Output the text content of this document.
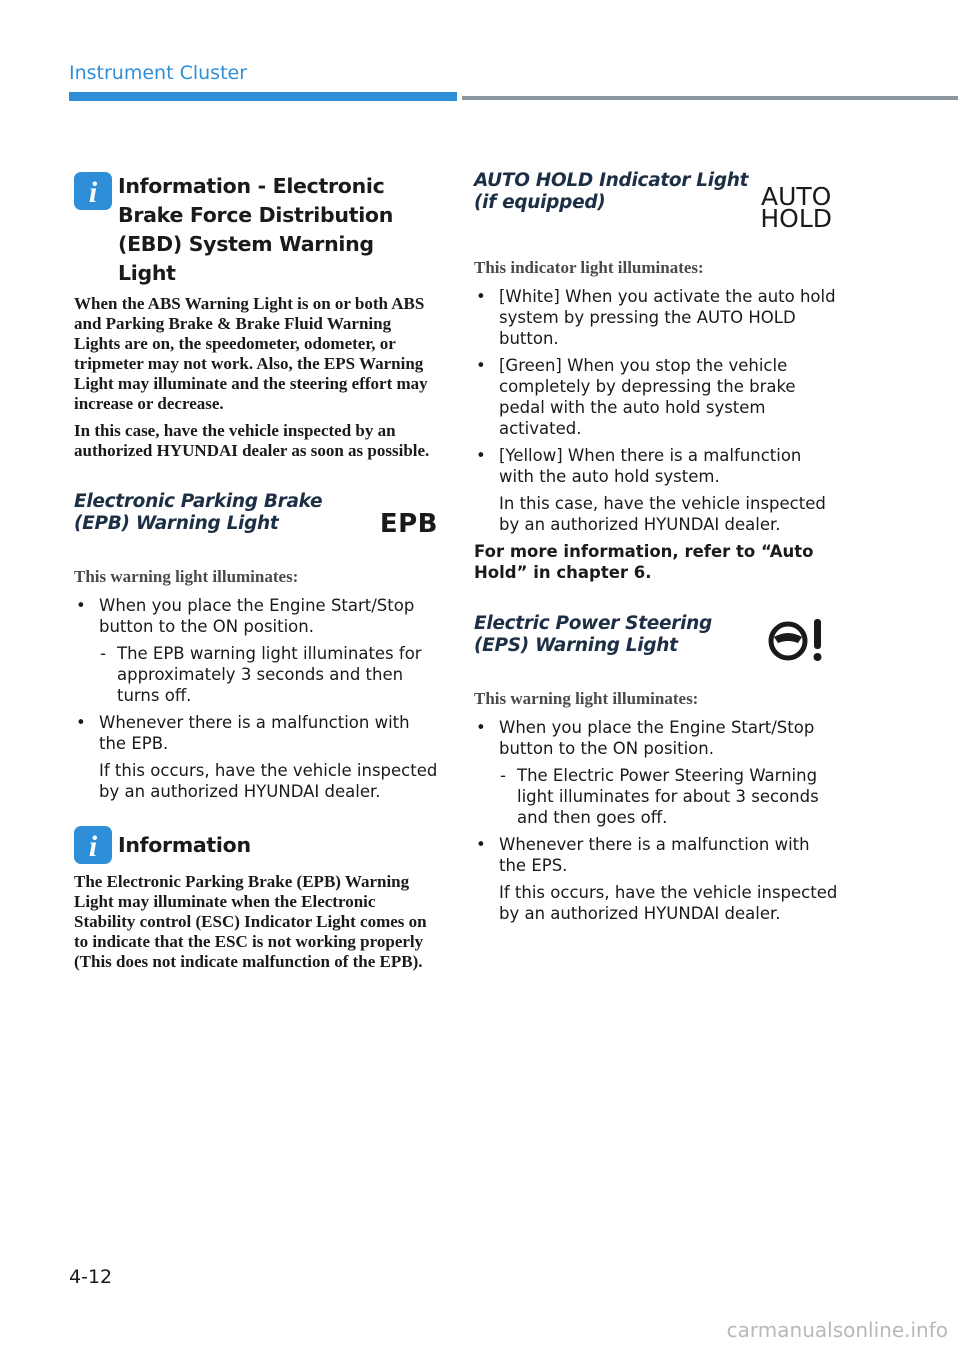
Instrument Cluster
i Information - Electronic Brake Force Distribution (EBD) System Warning Light

When the ABS Warning Light is on or both ABS and Parking Brake & Brake Fluid Warning Lights are on, the speedometer, odometer, or tripmeter may not work. Also, the EPS Warning Light may illuminate and the steering effort may increase or decrease.

In this case, have the vehicle inspected by an authorized HYUNDAI dealer as soon as possible.

Electronic Parking Brake (EPB) Warning Light	EPB
This warning light illuminates:
• When you place the Engine Start/Stop button to the ON position.
- The EPB warning light illuminates for approximately 3 seconds and then turns off.
• Whenever there is a malfunction with the EPB.
If this occurs, have the vehicle inspected by an authorized HYUNDAI dealer.
i Information

The Electronic Parking Brake (EPB) Warning Light may illuminate when the Electronic Stability control (ESC) Indicator Light comes on to indicate that the ESC is not working properly (This does not indicate malfunction of the EPB).

AUTO HOLD Indicator Light (if equipped)	AUTO
HOLD
This indicator light illuminates:
• [White] When you activate the auto hold system by pressing the AUTO HOLD button.
• [Green] When you stop the vehicle completely by depressing the brake pedal with the auto hold system activated.
• [Yellow] When there is a malfunction with the auto hold system.
In this case, have the vehicle inspected by an authorized HYUNDAI dealer.
For more information, refer to “Auto Hold” in chapter 6.
Electric Power Steering (EPS) Warning Light
This warning light illuminates:
• When you place the Engine Start/Stop button to the ON position.
- The Electric Power Steering Warning light illuminates for about 3 seconds and then goes off.
• Whenever there is a malfunction with the EPS.
If this occurs, have the vehicle inspected by an authorized HYUNDAI dealer.
4-12
carmanualsonline.info
